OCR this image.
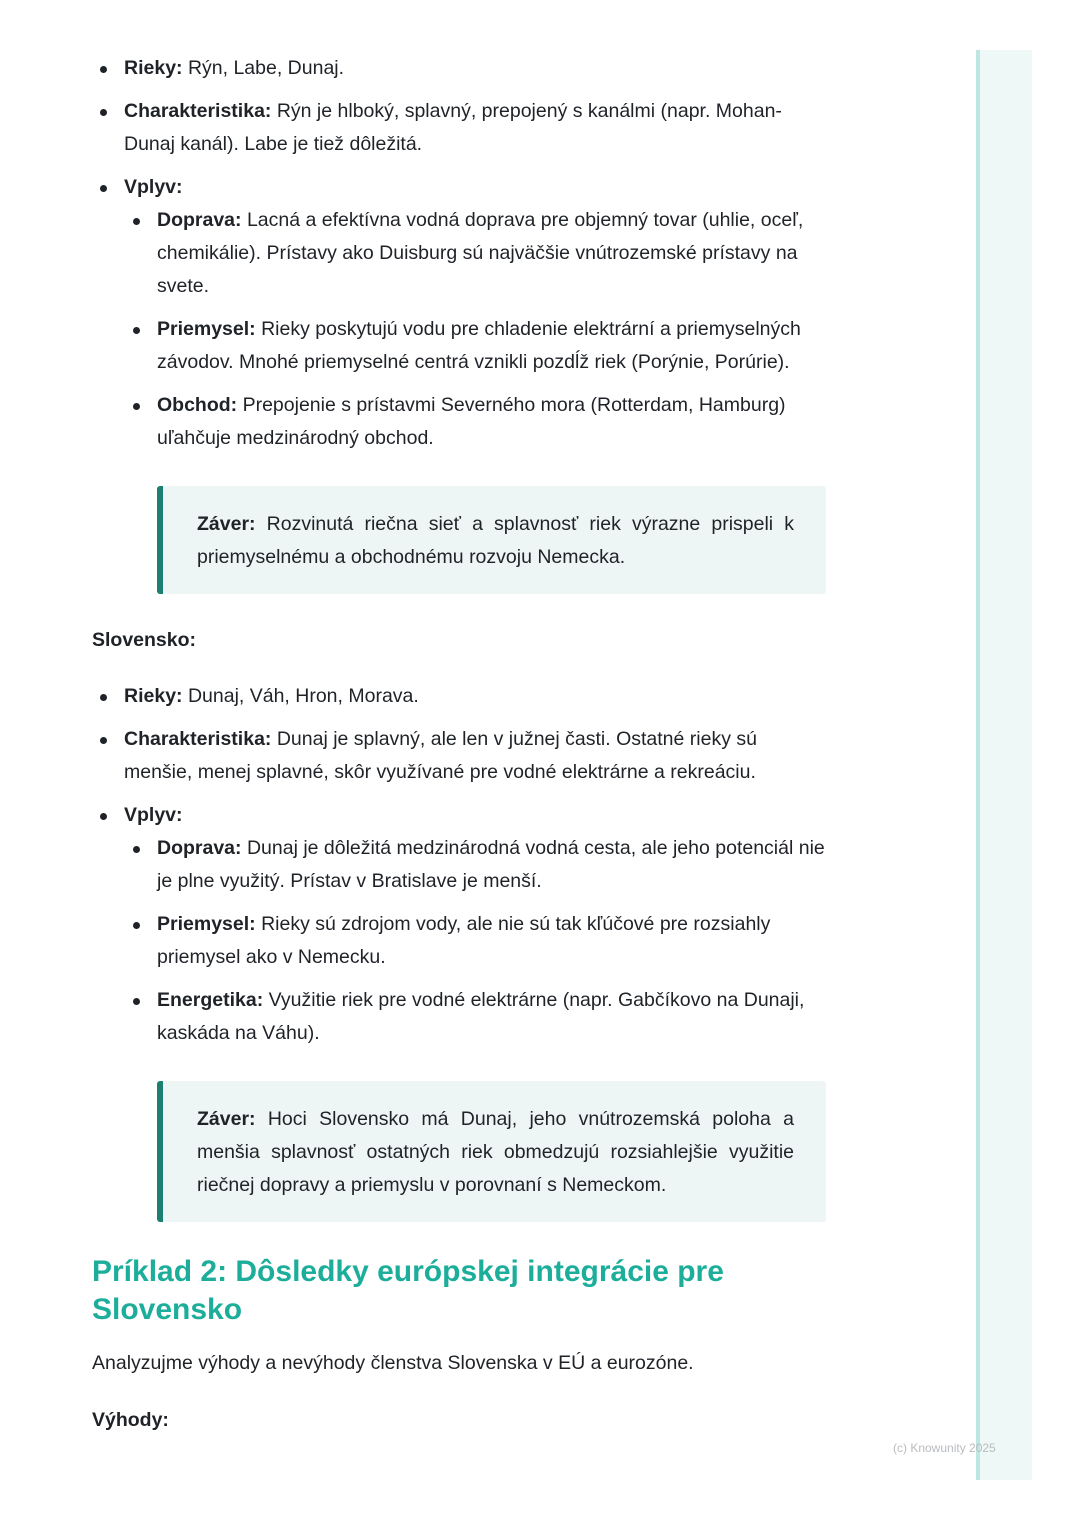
(c) Knowunity 2025
Rieky: Rýn, Labe, Dunaj.
Charakteristika: Rýn je hlboký, splavný, prepojený s kanálmi (napr. Mohan-Dunaj kanál). Labe je tiež dôležitá.
Vplyv:
Doprava: Lacná a efektívna vodná doprava pre objemný tovar (uhlie, oceľ, chemikálie). Prístavy ako Duisburg sú najväčšie vnútrozemské prístavy na svete.
Priemysel: Rieky poskytujú vodu pre chladenie elektrární a priemyselných závodov. Mnohé priemyselné centrá vznikli pozdĺž riek (Porýnie, Porúrie).
Obchod: Prepojenie s prístavmi Severného mora (Rotterdam, Hamburg) uľahčuje medzinárodný obchod.
Záver: Rozvinutá riečna sieť a splavnosť riek výrazne prispeli k priemyselnému a obchodnému rozvoju Nemecka.
Slovensko:
Rieky: Dunaj, Váh, Hron, Morava.
Charakteristika: Dunaj je splavný, ale len v južnej časti. Ostatné rieky sú menšie, menej splavné, skôr využívané pre vodné elektrárne a rekreáciu.
Vplyv:
Doprava: Dunaj je dôležitá medzinárodná vodná cesta, ale jeho potenciál nie je plne využitý. Prístav v Bratislave je menší.
Priemysel: Rieky sú zdrojom vody, ale nie sú tak kľúčové pre rozsiahly priemysel ako v Nemecku.
Energetika: Využitie riek pre vodné elektrárne (napr. Gabčíkovo na Dunaji, kaskáda na Váhu).
Záver: Hoci Slovensko má Dunaj, jeho vnútrozemská poloha a menšia splavnosť ostatných riek obmedzujú rozsiahlejšie využitie riečnej dopravy a priemyslu v porovnaní s Nemeckom.
Príklad 2: Dôsledky európskej integrácie pre Slovensko

Analyzujme výhody a nevýhody členstva Slovenska v EÚ a eurozóne.

Výhody:
